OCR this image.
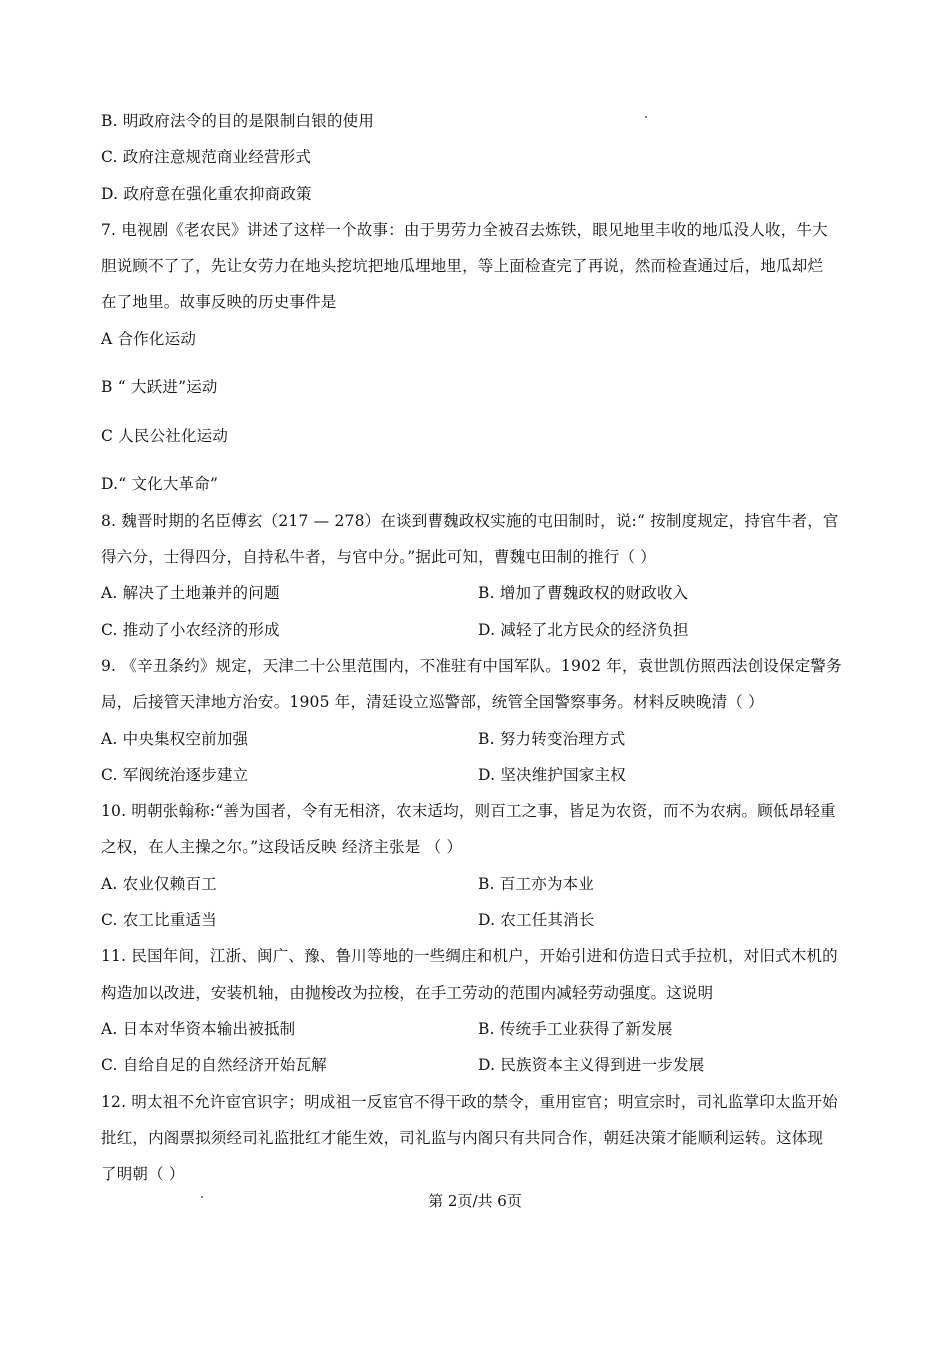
B. 明政府法令的目的是限制白银的使用
C. 政府注意规范商业经营形式
D. 政府意在强化重农抑商政策
7. 电视剧《老农民》讲述了这样一个故事：由于男劳力全被召去炼铁，眼见地里丰收的地瓜没人收，牛大
胆说顾不了了，先让女劳力在地头挖坑把地瓜埋地里，等上面检查完了再说，然而检查通过后，地瓜却烂
在了地里。故事反映的历史事件是
A 合作化运动
B “ 大跃进”运动
C 人民公社化运动
D.“ 文化大革命”
8. 魏晋时期的名臣傅玄（217 — 278）在谈到曹魏政权实施的屯田制时，说:“ 按制度规定，持官牛者，官
得六分，士得四分，自持私牛者，与官中分。”据此可知，曹魏屯田制的推行（ ）
A. 解决了土地兼并的问题	B. 增加了曹魏政权的财政收入
C. 推动了小农经济的形成	D. 减轻了北方民众的经济负担
9. 《辛丑条约》规定，天津二十公里范围内，不准驻有中国军队。1902 年，袁世凯仿照西法创设保定警务
局，后接管天津地方治安。1905 年，清廷设立巡警部，统管全国警察事务。材料反映晚清（ ）
A. 中央集权空前加强	B. 努力转变治理方式
C. 军阀统治逐步建立	D. 坚决维护国家主权
10. 明朝张翰称:“善为国者，令有无相济，农末适均，则百工之事，皆足为农资，而不为农病。顾低昂轻重
之权，在人主操之尔。”这段话反映 经济主张是 （ ）
A. 农业仅赖百工	B. 百工亦为本业
C. 农工比重适当	D. 农工任其消长
11. 民国年间，江浙、闽广、豫、鲁川等地的一些绸庄和机户，开始引进和仿造日式手拉机，对旧式木机的
构造加以改进，安装机轴，由抛梭改为拉梭，在手工劳动的范围内减轻劳动强度。这说明
A. 日本对华资本输出被抵制	B. 传统手工业获得了新发展
C. 自给自足的自然经济开始瓦解	D. 民族资本主义得到进一步发展
12. 明太祖不允许宦官识字；明成祖一反宦官不得干政的禁令，重用宦官；明宣宗时，司礼监掌印太监开始
批红，内阁票拟须经司礼监批红才能生效，司礼监与内阁只有共同合作，朝廷决策才能顺利运转。这体现
了明朝（ ）
第 2页/共 6页
